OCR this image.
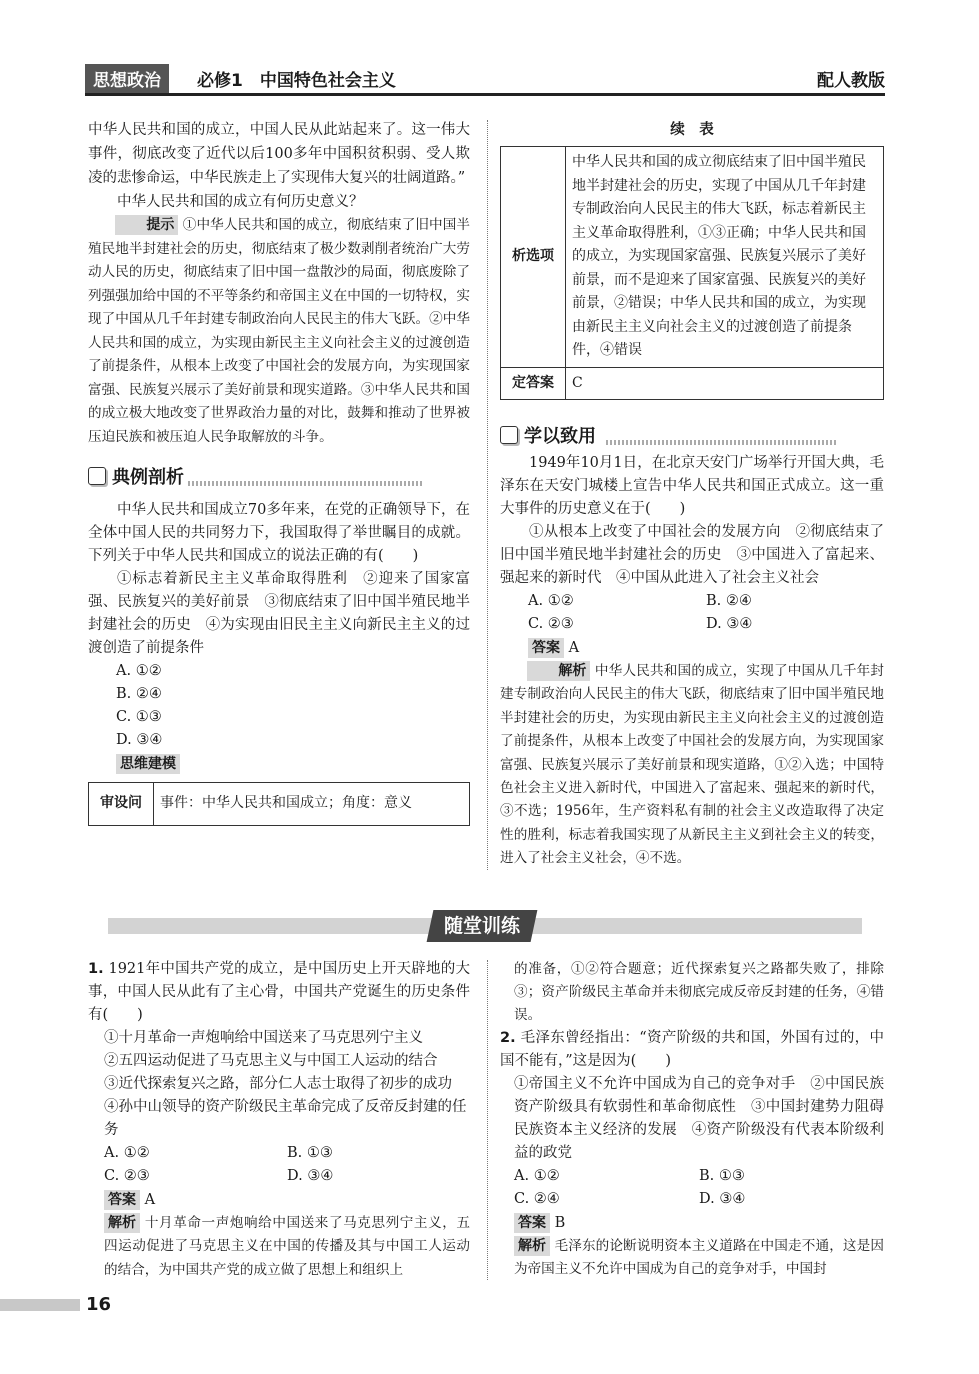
思想政治	必修1　中国特色社会主义	配人教版

中华人民共和国的成立，中国人民从此站起来了。这一伟大事件，彻底改变了近代以后100多年中国积贫积弱、受人欺凌的悲惨命运，中华民族走上了实现伟大复兴的壮阔道路。”

中华人民共和国的成立有何历史意义？

提示 ①中华人民共和国的成立，彻底结束了旧中国半殖民地半封建社会的历史，彻底结束了极少数剥削者统治广大劳动人民的历史，彻底结束了旧中国一盘散沙的局面，彻底废除了列强强加给中国的不平等条约和帝国主义在中国的一切特权，实现了中国从几千年封建专制政治向人民民主的伟大飞跃。②中华人民共和国的成立，为实现由新民主主义向社会主义的过渡创造了前提条件，从根本上改变了中国社会的发展方向，为实现国家富强、民族复兴展示了美好前景和现实道路。③中华人民共和国的成立极大地改变了世界政治力量的对比，鼓舞和推动了世界被压迫民族和被压迫人民争取解放的斗争。

典例剖析

中华人民共和国成立70多年来，在党的正确领导下，在全体中国人民的共同努力下，我国取得了举世瞩目的成就。下列关于中华人民共和国成立的说法正确的有(　　)

①标志着新民主主义革命取得胜利　②迎来了国家富强、民族复兴的美好前景　③彻底结束了旧中国半殖民地半封建社会的历史　④为实现由旧民主主义向新民主主义的过渡创造了前提条件

A. ①②
B. ②④
C. ①③
D. ③④
思维建模
审设问	事件：中华人民共和国成立；角度：意义
续　表
析选项	中华人民共和国的成立彻底结束了旧中国半殖民地半封建社会的历史，实现了中国从几千年封建专制政治向人民民主的伟大飞跃，标志着新民主主义革命取得胜利，①③正确；中华人民共和国的成立，为实现国家富强、民族复兴展示了美好前景，而不是迎来了国家富强、民族复兴的美好前景，②错误；中华人民共和国的成立，为实现由新民主主义向社会主义的过渡创造了前提条件，④错误
定答案	C
学以致用

1949年10月1日，在北京天安门广场举行开国大典，毛泽东在天安门城楼上宣告中华人民共和国正式成立。这一重大事件的历史意义在于(　　)

①从根本上改变了中国社会的发展方向　②彻底结束了旧中国半殖民地半封建社会的历史　③中国进入了富起来、强起来的新时代　④中国从此进入了社会主义社会

A. ①②	B. ②④
C. ②③	D. ③④
答案 A

解析 中华人民共和国的成立，实现了中国从几千年封建专制政治向人民民主的伟大飞跃，彻底结束了旧中国半殖民地半封建社会的历史，为实现由新民主主义向社会主义的过渡创造了前提条件，从根本上改变了中国社会的发展方向，为实现国家富强、民族复兴展示了美好前景和现实道路，①②入选；中国特色社会主义进入新时代，中国进入了富起来、强起来的新时代，③不选；1956年，生产资料私有制的社会主义改造取得了决定性的胜利，标志着我国实现了从新民主主义到社会主义的转变，进入了社会主义社会，④不选。

随堂训练

1. 1921年中国共产党的成立，是中国历史上开天辟地的大事，中国人民从此有了主心骨，中国共产党诞生的历史条件有(　　)

①十月革命一声炮响给中国送来了马克思列宁主义
②五四运动促进了马克思主义与中国工人运动的结合
③近代探索复兴之路，部分仁人志士取得了初步的成功
④孙中山领导的资产阶级民主革命完成了反帝反封建的任务
A. ①②	B. ①③
C. ②③	D. ③④
答案 A

解析 十月革命一声炮响给中国送来了马克思列宁主义，五四运动促进了马克思主义在中国的传播及其与中国工人运动的结合，为中国共产党的成立做了思想上和组织上

的准备，①②符合题意；近代探索复兴之路都失败了，排除③；资产阶级民主革命并未彻底完成反帝反封建的任务，④错误。

2. 毛泽东曾经指出：“资产阶级的共和国，外国有过的，中国不能有，”这是因为(　　)

①帝国主义不允许中国成为自己的竞争对手　②中国民族资产阶级具有软弱性和革命彻底性　③中国封建势力阻碍民族资本主义经济的发展　④资产阶级没有代表本阶级利益的政党

A. ①②	B. ①③
C. ②④	D. ③④
答案 B

解析 毛泽东的论断说明资本主义道路在中国走不通，这是因为帝国主义不允许中国成为自己的竞争对手，中国封

16
